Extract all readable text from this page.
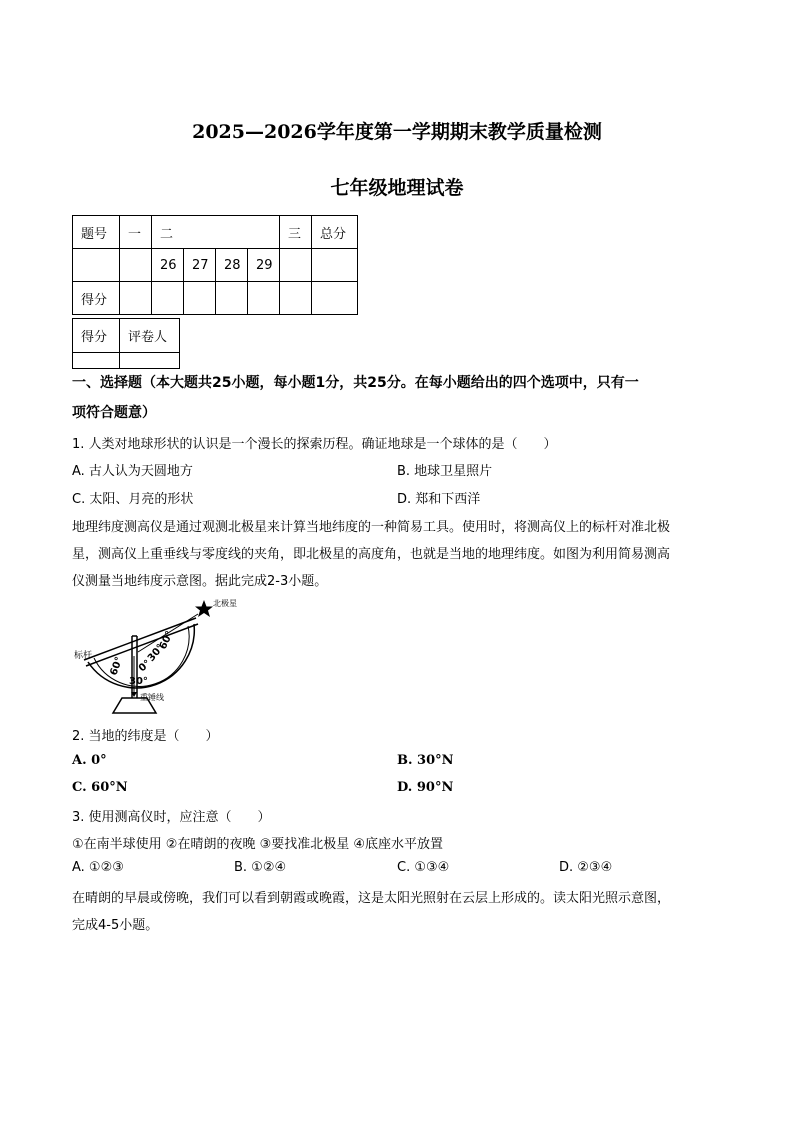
2025—2026学年度第一学期期末教学质量检测
七年级地理试卷
题号	一	二				三	总分
		26	27	28	29		
得分							
得分	评卷人

一、选择题（本大题共25小题，每小题1分，共25分。在每小题给出的四个选项中，只有一
项符合题意）
1. 人类对地球形状的认识是一个漫长的探索历程。确证地球是一个球体的是（　　）
A. 古人认为天圆地方	B. 地球卫星照片
C. 太阳、月亮的形状	D. 郑和下西洋
地理纬度测高仪是通过观测北极星来计算当地纬度的一种简易工具。使用时，将测高仪上的标杆对准北极
星，测高仪上重垂线与零度线的夹角，即北极星的高度角，也就是当地的地理纬度。如图为利用简易测高
仪测量当地纬度示意图。据此完成2-3小题。
北极星
60°
30°
0°
30°
60°
标杆
重锤线
2. 当地的纬度是（　　）
A. 0°	B. 30°N
C. 60°N	D. 90°N
3. 使用测高仪时，应注意（　　）
①在南半球使用 ②在晴朗的夜晚 ③要找准北极星 ④底座水平放置
A. ①②③	B. ①②④	C. ①③④	D. ②③④
在晴朗的早晨或傍晚，我们可以看到朝霞或晚霞，这是太阳光照射在云层上形成的。读太阳光照示意图，
完成4-5小题。
